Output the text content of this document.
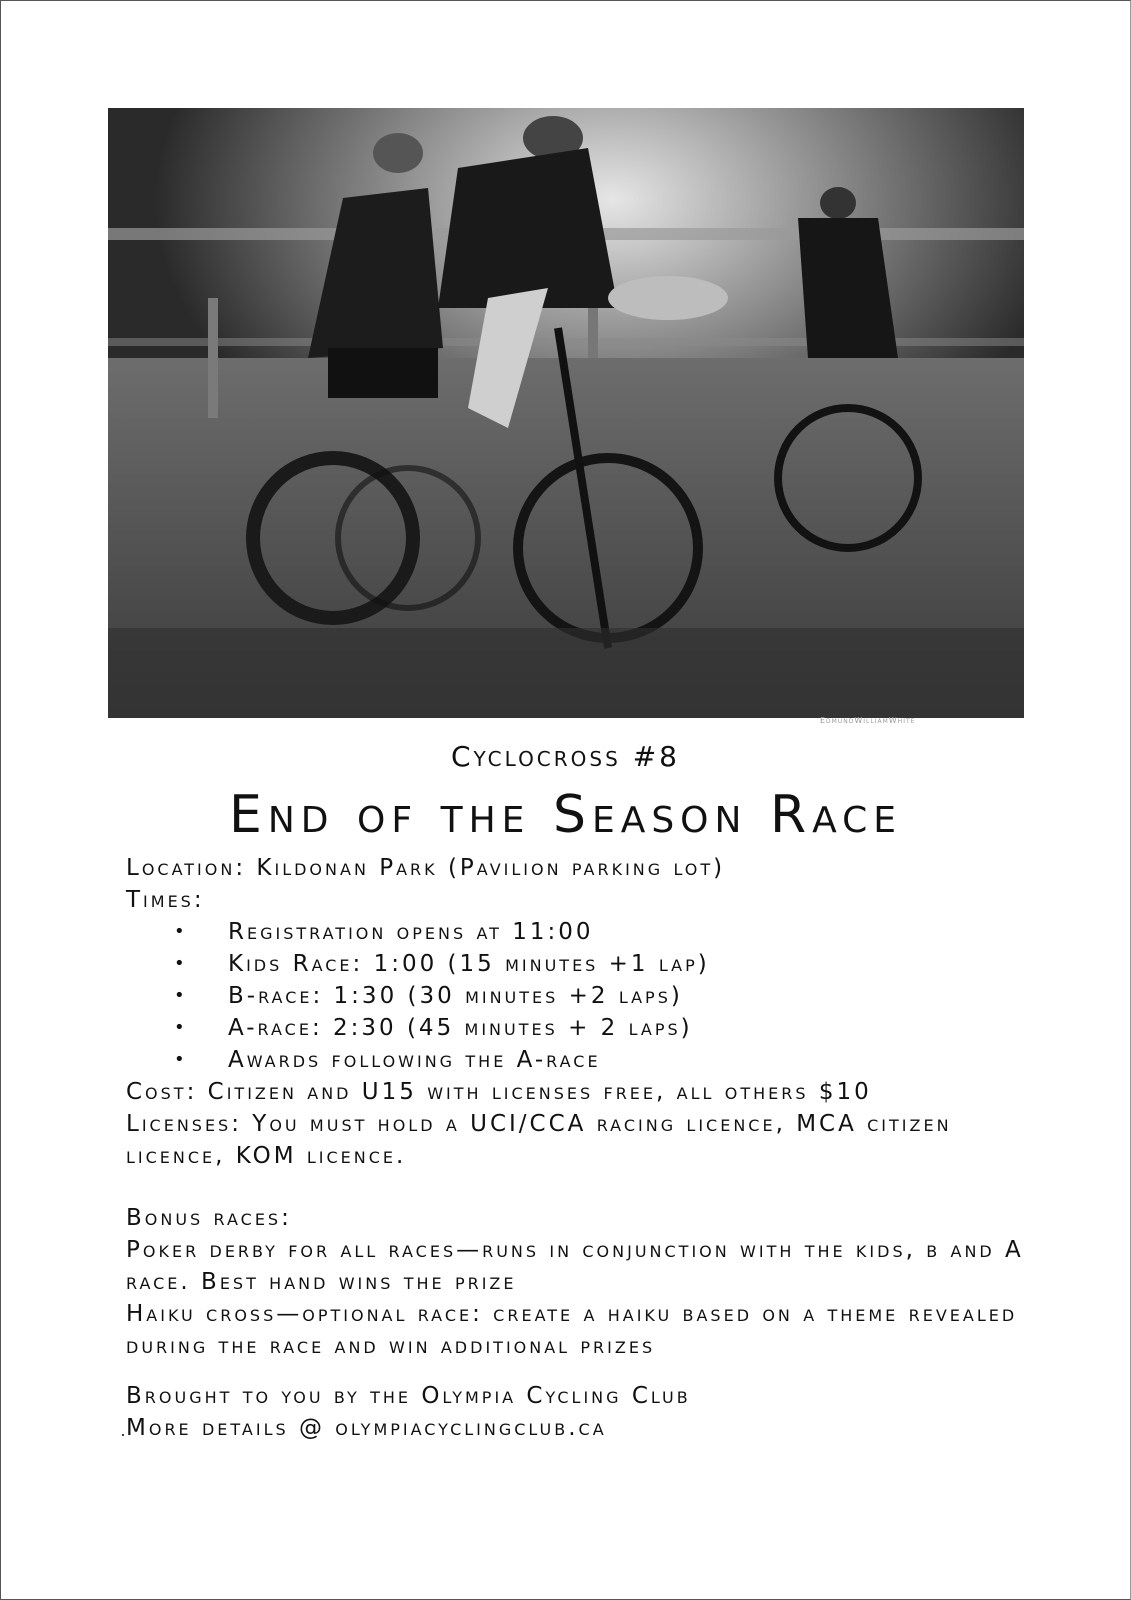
EdmundWilliamWhite
Cyclocross #8
End of the Season Race

Location: Kildonan Park (Pavilion parking lot)

Times:

• Registration opens at 11:00
• Kids Race: 1:00 (15 minutes +1 lap)
• B-race: 1:30 (30 minutes +2 laps)
• A-race: 2:30 (45 minutes + 2 laps)
• Awards following the A-race

Cost: Citizen and U15 with licenses free, all others $10

Licenses: You must hold a UCI/CCA racing licence, MCA citizen licence, KOM licence.

Bonus races:

Poker derby for all races—runs in conjunction with the kids, b and A race. Best hand wins the prize

Haiku cross—optional race: create a haiku based on a theme revealed during the race and win additional prizes

Brought to you by the Olympia Cycling Club

More details @ olympiacyclingclub.ca
